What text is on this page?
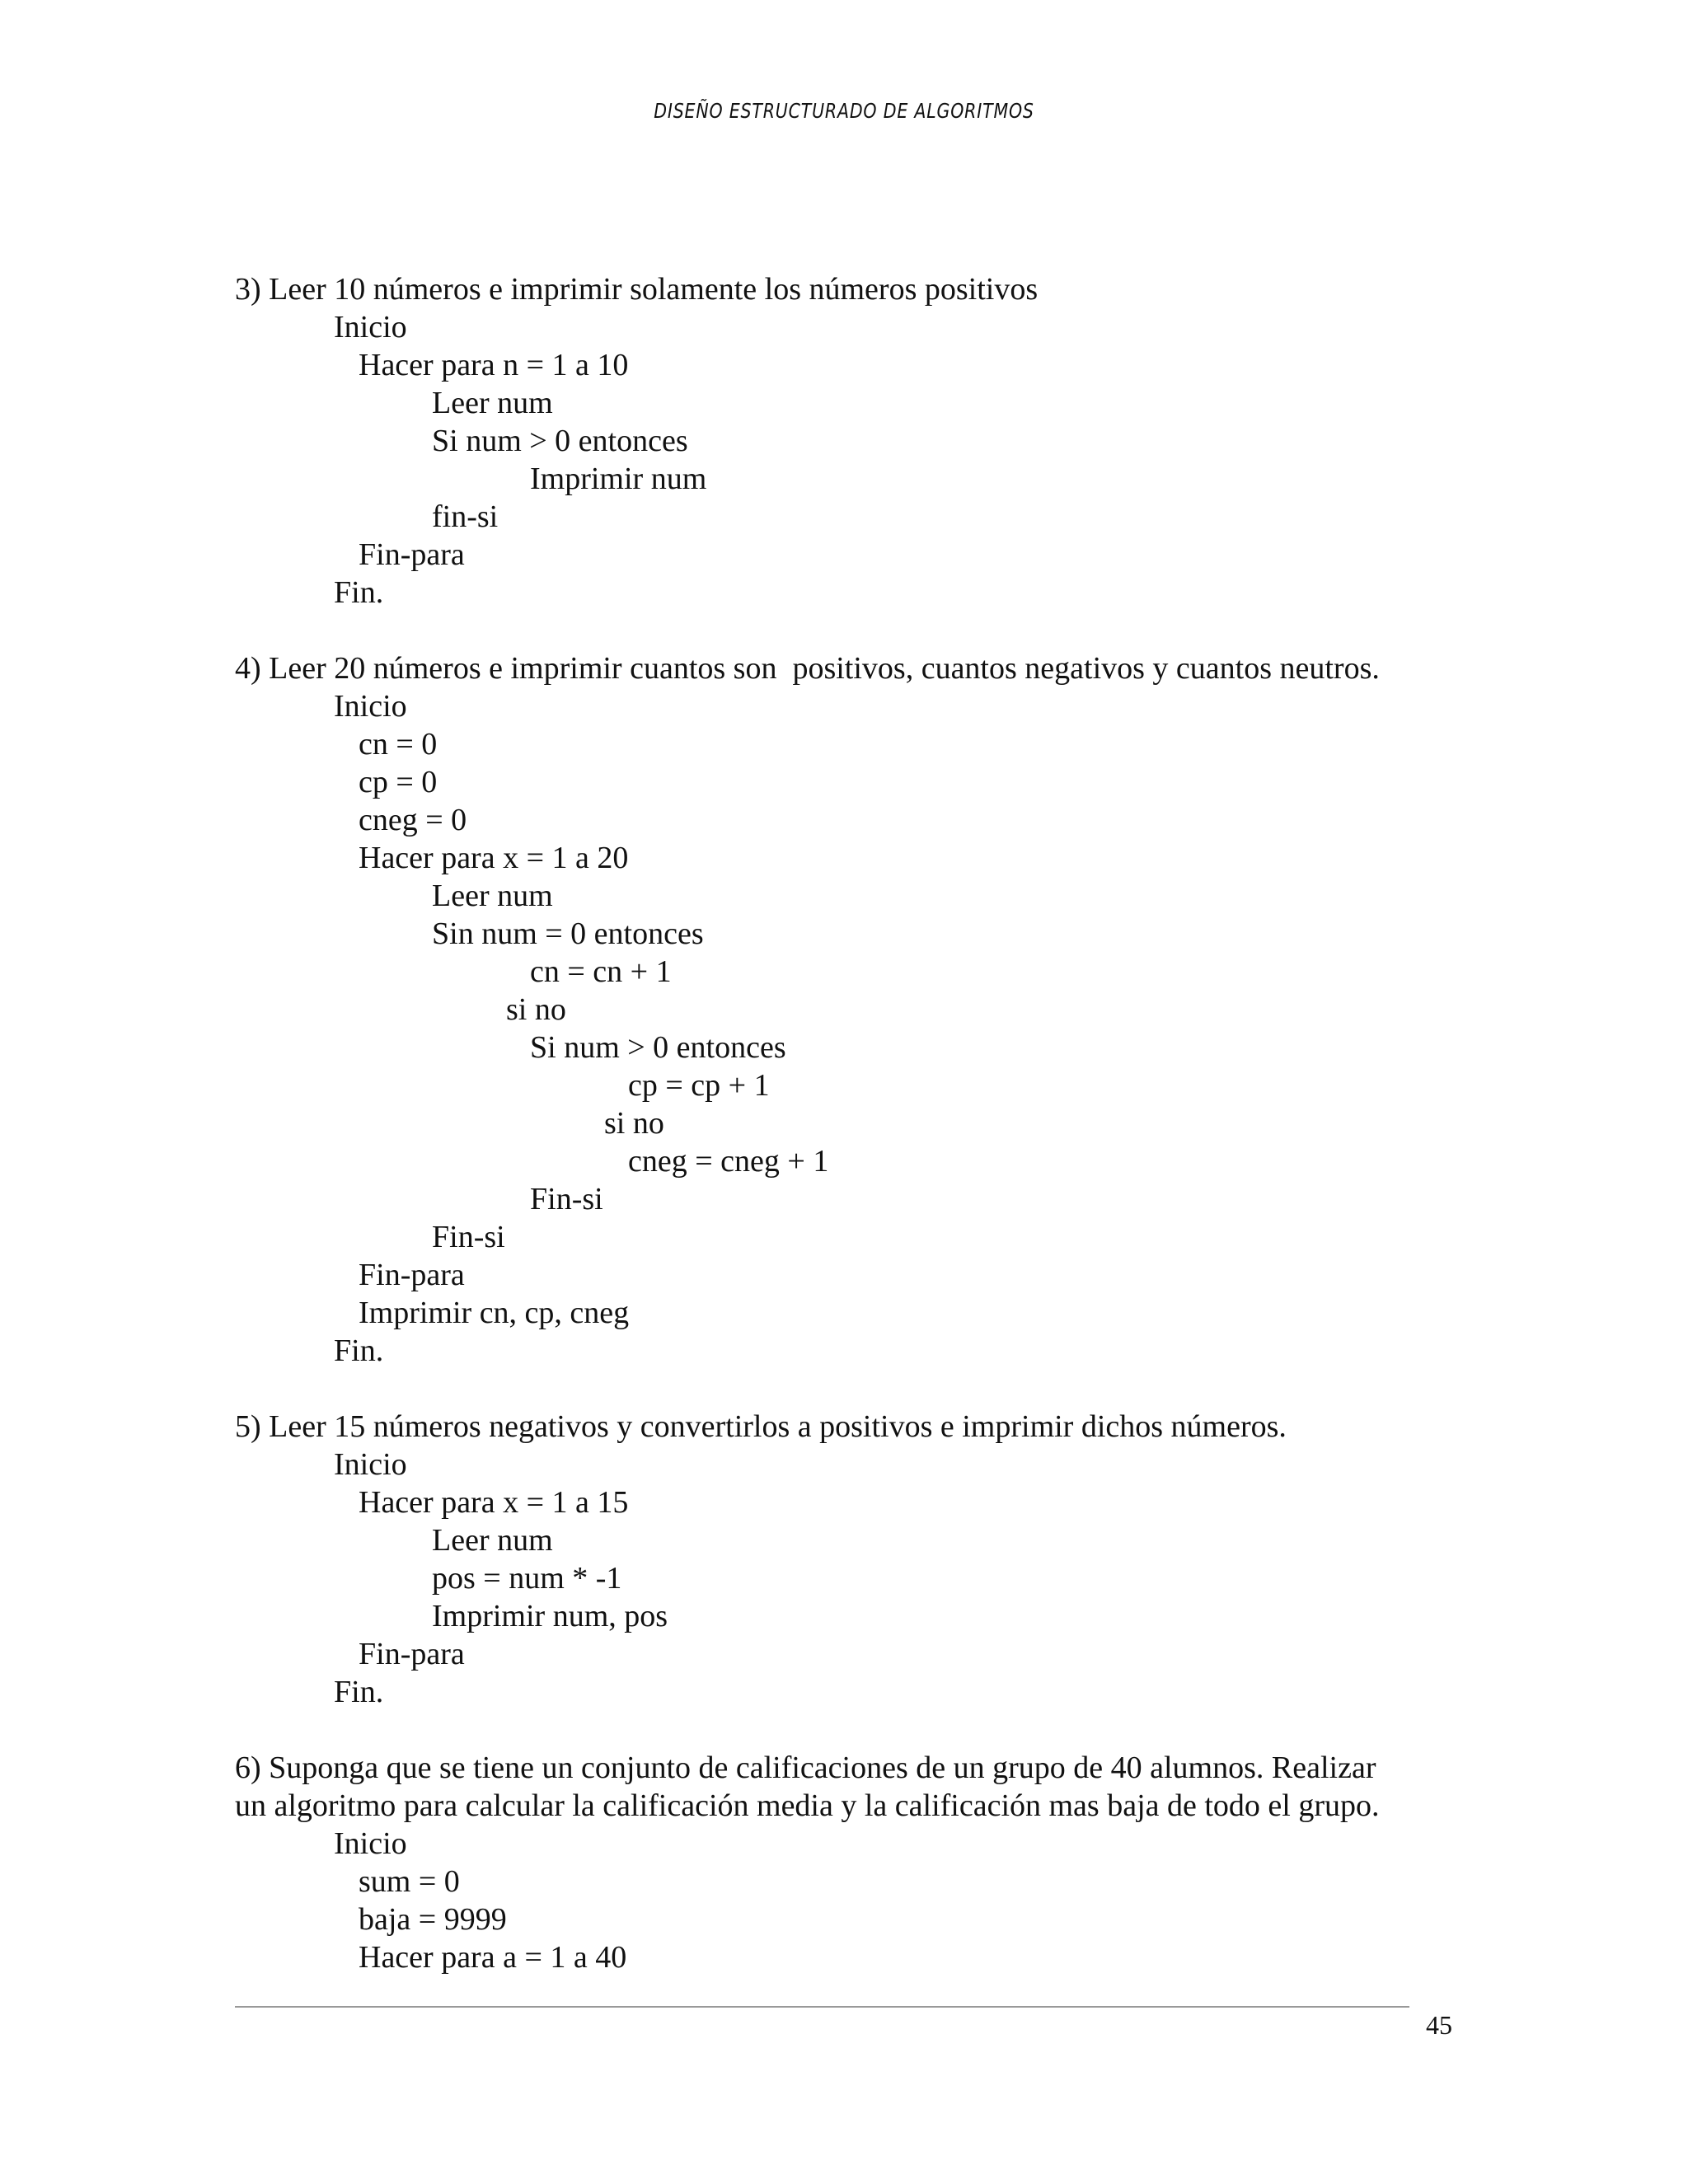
DISEÑO ESTRUCTURADO DE ALGORITMOS
3) Leer 10 números e imprimir solamente los números positivos
Inicio
Hacer para n = 1 a 10
Leer num
Si num > 0 entonces
Imprimir num
fin-si
Fin-para
Fin.
4) Leer 20 números e imprimir cuantos son  positivos, cuantos negativos y cuantos neutros.
Inicio
cn = 0
cp = 0
cneg = 0
Hacer para x = 1 a 20
Leer num
Sin num = 0 entonces
cn = cn + 1
si no
Si num > 0 entonces
cp = cp + 1
si no
cneg = cneg + 1
Fin-si
Fin-si
Fin-para
Imprimir cn, cp, cneg
Fin.
5) Leer 15 números negativos y convertirlos a positivos e imprimir dichos números.
Inicio
Hacer para x = 1 a 15
Leer num
pos = num * -1
Imprimir num, pos
Fin-para
Fin.
6) Suponga que se tiene un conjunto de calificaciones de un grupo de 40 alumnos. Realizar
un algoritmo para calcular la calificación media y la calificación mas baja de todo el grupo.
Inicio
sum = 0
baja = 9999
Hacer para a = 1 a 40
45
